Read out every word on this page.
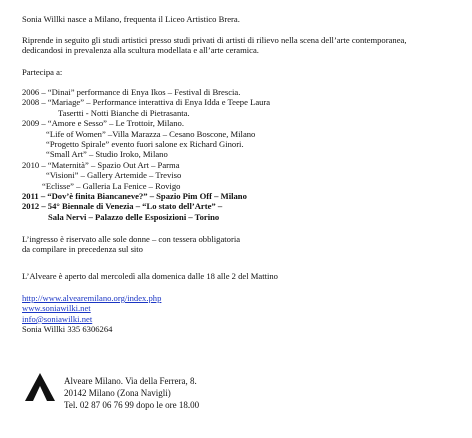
Sonia Willki nasce a Milano, frequenta il Liceo Artistico Brera.
Riprende in seguito gli studi artistici presso studi privati di artisti di rilievo nella scena dell’arte contemporanea,
dedicandosi in prevalenza alla scultura modellata e all’arte ceramica.
Partecipa a:
2006 – “Dinai” performance di Enya Ikos – Festival di Brescia.
2008 – “Mariage” – Performance interattiva di Enya Idda e Teepe Laura
Tasertti - Notti Bianche di Pietrasanta.
2009 – “Amore e Sesso” – Le Trottoir, Milano.
“Life of Women” –Villa Marazza – Cesano Boscone, Milano
“Progetto Spirale” evento fuori salone ex Richard Ginori.
“Small Art” – Studio Iroko, Milano
2010 – “Maternità” – Spazio Out Art – Parma
“Visioni” – Gallery Artemide – Treviso
“Eclisse” – Galleria La Fenice – Rovigo
2011 – “Dov’è finita Biancaneve?” – Spazio Pim Off – Milano
2012 – 54° Biennale di Venezia – “Lo stato dell’Arte” –
Sala Nervi – Palazzo delle Esposizioni – Torino
L’ingresso è riservato alle sole donne – con tessera obbligatoria
da compilare in precedenza sul sito
L’Alveare è aperto dal mercoledì alla domenica dalle 18 alle 2 del Mattino
http://www.alvearemilano.org/index.php
www.soniawilki.net
info@soniawilki.net
Sonia Willki 335 6306264
Alveare Milano. Via della Ferrera, 8.
20142 Milano (Zona Navigli)
Tel. 02 87 06 76 99 dopo le ore 18.00
